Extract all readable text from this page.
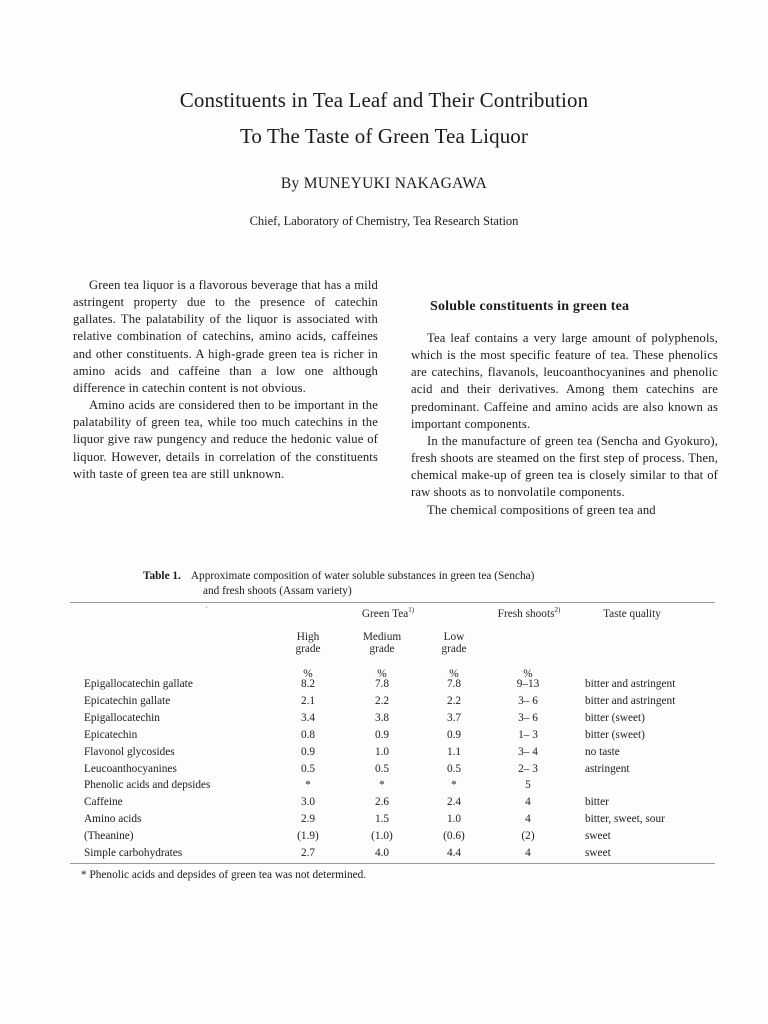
Constituents in Tea Leaf and Their Contribution
To The Taste of Green Tea Liquor
By MUNEYUKI NAKAGAWA
Chief, Laboratory of Chemistry, Tea Research Station

Green tea liquor is a flavorous beverage that has a mild astringent property due to the presence of catechin gallates. The palatability of the liquor is associated with relative combination of catechins, amino acids, caffeines and other constituents. A high-grade green tea is richer in amino acids and caffeine than a low one although difference in catechin content is not obvious.

Amino acids are considered then to be important in the palatability of green tea, while too much catechins in the liquor give raw pungency and reduce the hedonic value of liquor. However, details in correlation of the constituents with taste of green tea are still unknown.

Soluble constituents in green tea

Tea leaf contains a very large amount of polyphenols, which is the most specific feature of tea. These phenolics are catechins, flavanols, leucoanthocyanines and phenolic acid and their derivatives. Among them catechins are predominant. Caffeine and amino acids are also known as important components.

In the manufacture of green tea (Sencha and Gyokuro), fresh shoots are steamed on the first step of process. Then, chemical make-up of green tea is closely similar to that of raw shoots as to nonvolatile components.

The chemical compositions of green tea and

Table 1. Approximate composition of water soluble substances in green tea (Sencha)
and fresh shoots (Assam variety)
`	Green Tea$^{1)}$	Fresh shoots$^{2)}$	Taste quality
High
grade
Medium
grade
Low
grade
%	%	%	%
Epigallocatechin gallate	8.2	7.8	7.8	9–13	bitter and astringent
Epicatechin gallate	2.1	2.2	2.2	3– 6	bitter and astringent
Epigallocatechin	3.4	3.8	3.7	3– 6	bitter (sweet)
Epicatechin	0.8	0.9	0.9	1– 3	bitter (sweet)
Flavonol glycosides	0.9	1.0	1.1	3– 4	no taste
Leucoanthocyanines	0.5	0.5	0.5	2– 3	astringent
Phenolic acids and depsides	*	*	*	5
Caffeine	3.0	2.6	2.4	4	bitter
Amino acids	2.9	1.5	1.0	4	bitter, sweet, sour
(Theanine)	(1.9)	(1.0)	(0.6)	(2)	sweet
Simple carbohydrates	2.7	4.0	4.4	4	sweet
* Phenolic acids and depsides of green tea was not determined.
